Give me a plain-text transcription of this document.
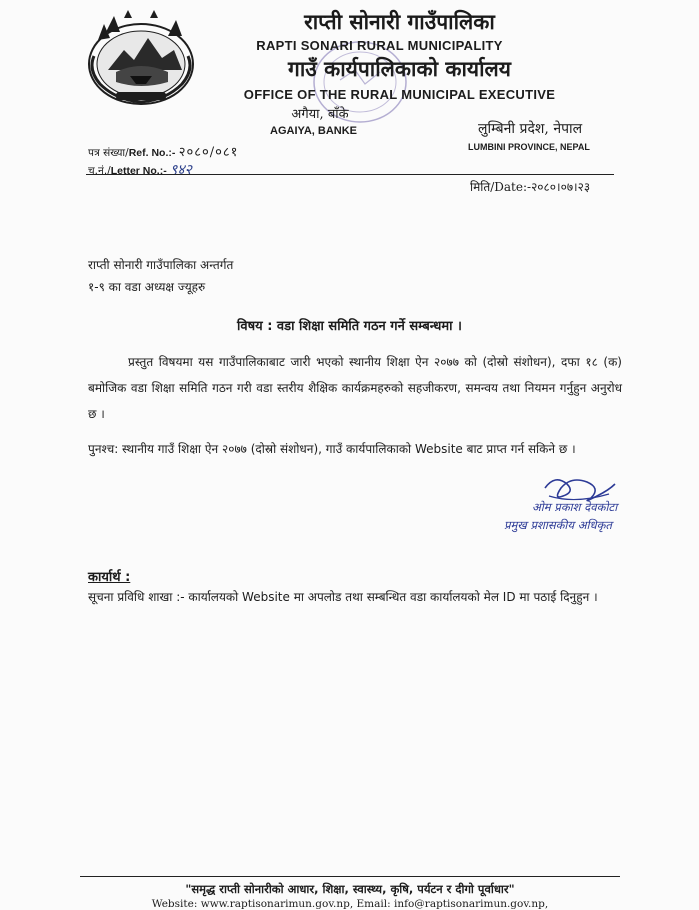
राप्ती सोनारी गाउँपालिका
RAPTI SONARI RURAL MUNICIPALITY
गाउँ कार्यपालिकाको कार्यालय
OFFICE OF THE RURAL MUNICIPAL EXECUTIVE
अगैया, बाँके
AGAIYA, BANKE	लुम्बिनी प्रदेश, नेपाल
LUMBINI PROVINCE, NEPAL
पत्र संख्या/Ref. No.:- २०८०/०८१
च.नं./Letter No.:- ९४२
मिति/Date:-२०८०।०७।२३
राप्ती सोनारी गाउँपालिका अन्तर्गत
१-९ का वडा अध्यक्ष ज्यूहरु
विषय : वडा शिक्षा समिति गठन गर्ने सम्बन्धमा ।
प्रस्तुत विषयमा यस गाउँपालिकाबाट जारी भएको स्थानीय शिक्षा ऐन २०७७ को (दोस्रो संशोधन), दफा १८ (क) बमोजिक वडा शिक्षा समिति गठन गरी वडा स्तरीय शैक्षिक कार्यक्रमहरुको सहजीकरण, समन्वय तथा नियमन गर्नुहुन अनुरोध छ ।
पुनश्च: स्थानीय गाउँ शिक्षा ऐन २०७७ (दोस्रो संशोधन), गाउँ कार्यपालिकाको Website बाट प्राप्त गर्न सकिने छ ।
ओम प्रकाश देवकोटा
प्रमुख प्रशासकीय अधिकृत
कार्यार्थ :
सूचना प्रविधि शाखा :- कार्यालयको Website मा अपलोड तथा सम्बन्धित वडा कार्यालयको मेल ID मा पठाई दिनुहुन ।
"समृद्ध राप्ती सोनारीको आधार, शिक्षा, स्वास्थ्य, कृषि, पर्यटन र दीगो पूर्वाधार"
Website: www.raptisonarimun.gov.np, Email: info@raptisonarimun.gov.np,
